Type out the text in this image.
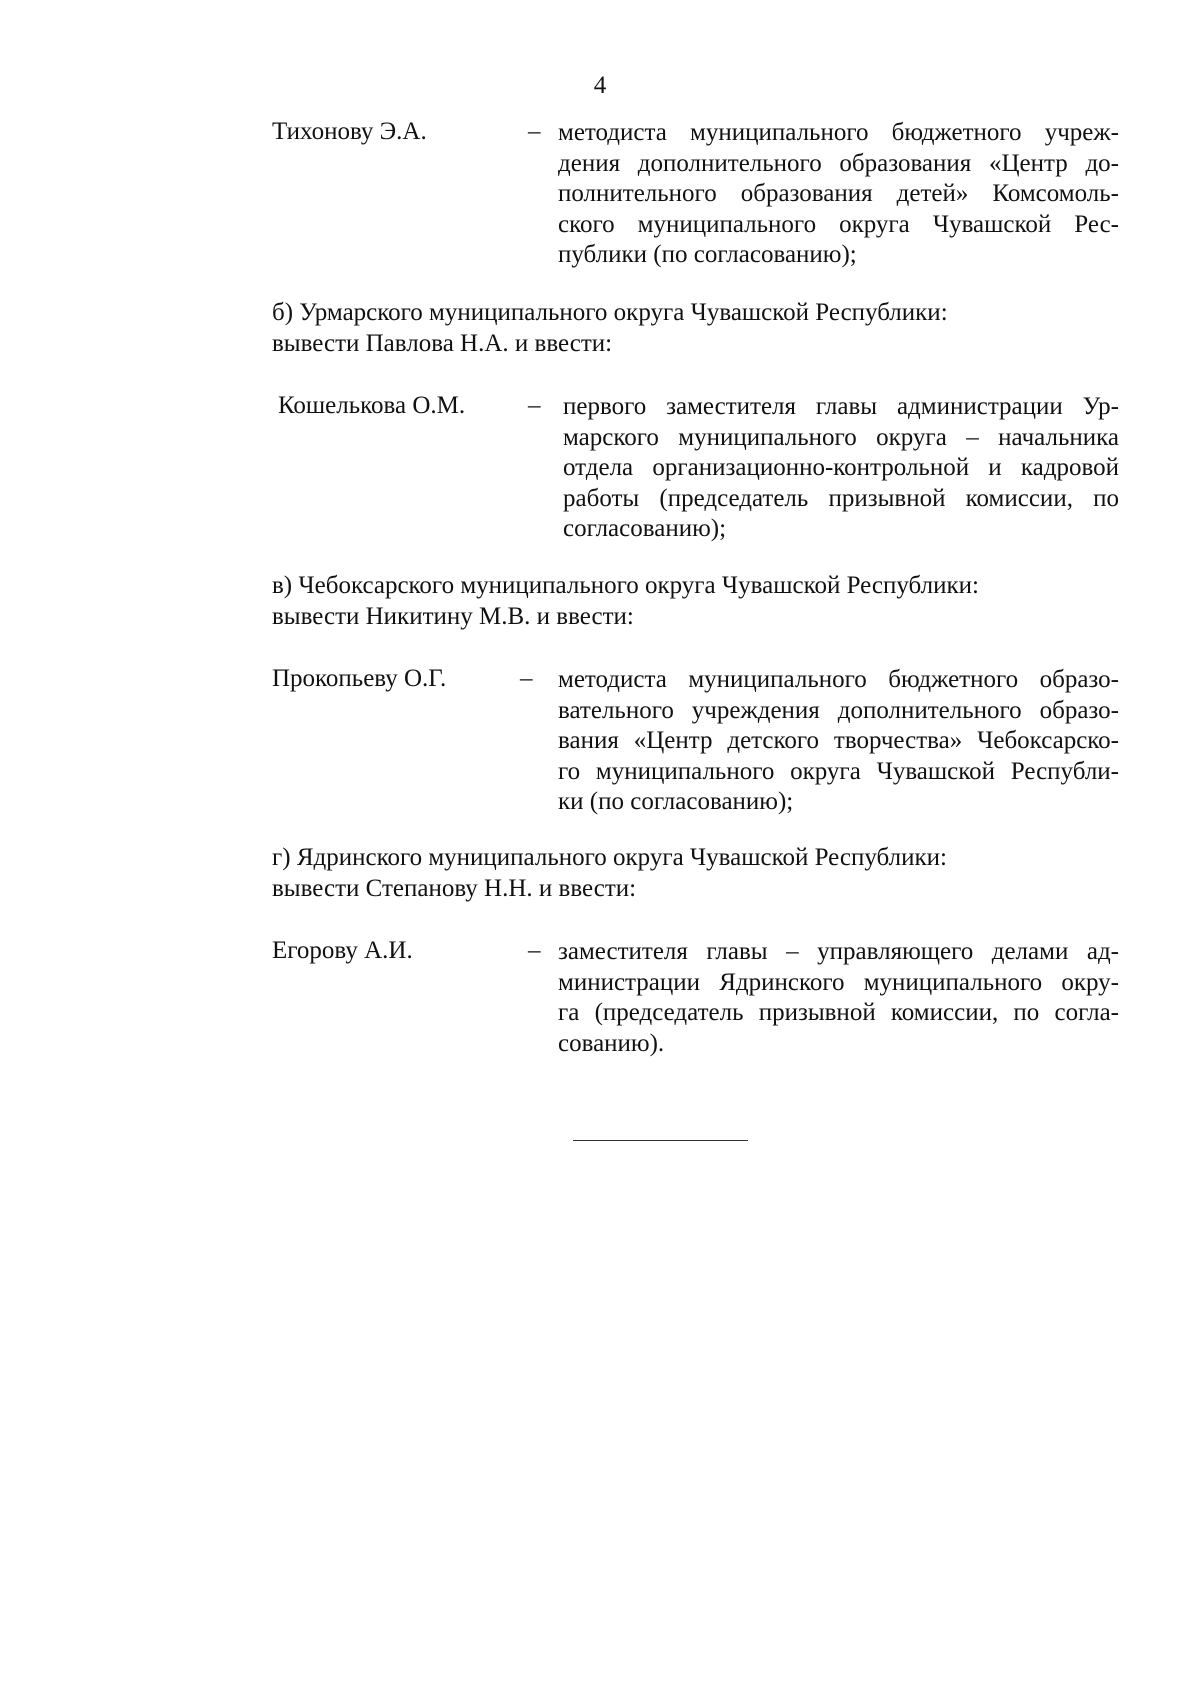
4
Тихонову Э.А.	– методиста муниципального бюджетного учреж-
дения дополнительного образования «Центр до-
полнительного образования детей» Комсомоль-
ского муниципального округа Чувашской Рес-
публики (по согласованию);
б) Урмарского муниципального округа Чувашской Республики:
вывести Павлова Н.А. и ввести:
Кошелькова О.М.	– первого заместителя главы администрации Ур-
марского муниципального округа – начальника
отдела организационно-контрольной и кадровой
работы (председатель призывной комиссии, по
согласованию);
в) Чебоксарского муниципального округа Чувашской Республики:
вывести Никитину М.В. и ввести:
Прокопьеву О.Г.	– методиста муниципального бюджетного образо-
вательного учреждения дополнительного образо-
вания «Центр детского творчества» Чебоксарско-
го муниципального округа Чувашской Республи-
ки (по согласованию);
г) Ядринского муниципального округа Чувашской Республики:
вывести Степанову Н.Н. и ввести:
Егорову А.И.	– заместителя главы – управляющего делами ад-
министрации Ядринского муниципального окру-
га (председатель призывной комиссии, по согла-
сованию).
